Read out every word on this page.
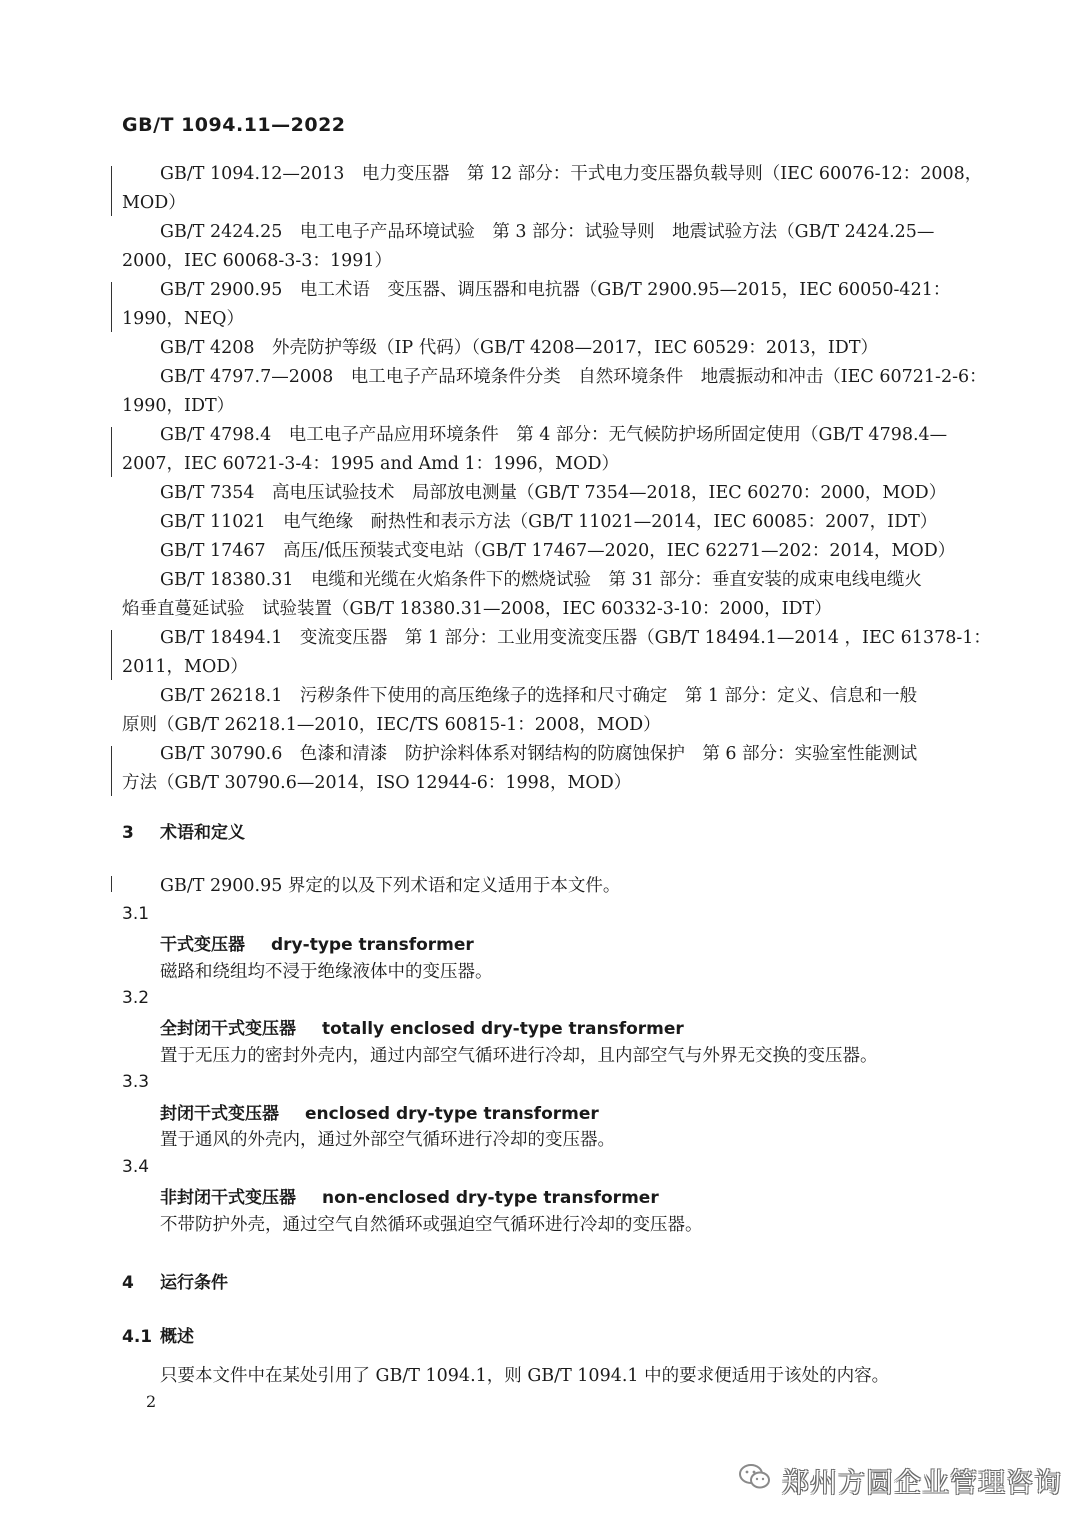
GB/T 1094.11—2022
GB/T 1094.12—2013　电力变压器　第 12 部分：干式电力变压器负载导则（IEC 60076-12：2008，
MOD）
GB/T 2424.25　电工电子产品环境试验　第 3 部分：试验导则　地震试验方法（GB/T 2424.25—
2000，IEC 60068-3-3：1991）
GB/T 2900.95　电工术语　变压器、调压器和电抗器（GB/T 2900.95—2015，IEC 60050-421：
1990，NEQ）
GB/T 4208　外壳防护等级（IP 代码）（GB/T 4208—2017，IEC 60529：2013，IDT）
GB/T 4797.7—2008　电工电子产品环境条件分类　自然环境条件　地震振动和冲击（IEC 60721-2-6：
1990，IDT）
GB/T 4798.4　电工电子产品应用环境条件　第 4 部分：无气候防护场所固定使用（GB/T 4798.4—
2007，IEC 60721-3-4：1995 and Amd 1：1996，MOD）
GB/T 7354　高电压试验技术　局部放电测量（GB/T 7354—2018，IEC 60270：2000，MOD）
GB/T 11021　电气绝缘　耐热性和表示方法（GB/T 11021—2014，IEC 60085：2007，IDT）
GB/T 17467　高压/低压预装式变电站（GB/T 17467—2020，IEC 62271—202：2014，MOD）
GB/T 18380.31　电缆和光缆在火焰条件下的燃烧试验　第 31 部分：垂直安装的成束电线电缆火
焰垂直蔓延试验　试验装置（GB/T 18380.31—2008，IEC 60332-3-10：2000，IDT）
GB/T 18494.1　变流变压器　第 1 部分：工业用变流变压器（GB/T 18494.1—2014 ，IEC 61378-1：
2011，MOD）
GB/T 26218.1　污秽条件下使用的高压绝缘子的选择和尺寸确定　第 1 部分：定义、信息和一般
原则（GB/T 26218.1—2010，IEC/TS 60815-1：2008，MOD）
GB/T 30790.6　色漆和清漆　防护涂料体系对钢结构的防腐蚀保护　第 6 部分：实验室性能测试
方法（GB/T 30790.6—2014，ISO 12944-6：1998，MOD）
3 术语和定义
GB/T 2900.95 界定的以及下列术语和定义适用于本文件。
3.1
干式变压器 dry-type transformer
磁路和绕组均不浸于绝缘液体中的变压器。
3.2
全封闭干式变压器 totally enclosed dry-type transformer
置于无压力的密封外壳内，通过内部空气循环进行冷却，且内部空气与外界无交换的变压器。
3.3
封闭干式变压器 enclosed dry-type transformer
置于通风的外壳内，通过外部空气循环进行冷却的变压器。
3.4
非封闭干式变压器 non-enclosed dry-type transformer
不带防护外壳，通过空气自然循环或强迫空气循环进行冷却的变压器。
4 运行条件
4.1 概述
只要本文件中在某处引用了 GB/T 1094.1，则 GB/T 1094.1 中的要求便适用于该处的内容。
2
郑州方圆企业管理咨询
